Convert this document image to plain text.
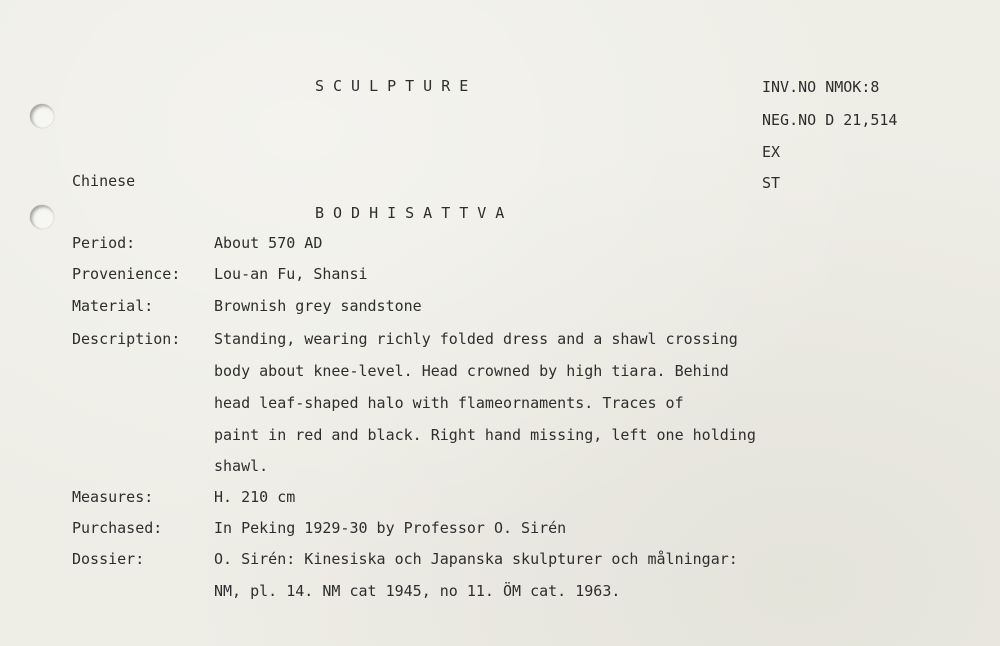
SCULPTURE	INV.NO NMOK:8
NEG.NO D 21,514
EX
ST
Chinese
BODHISATTVA
Period:	About 570 AD
Provenience: Lou-an Fu, Shansi
Material:	Brownish grey sandstone
Description: Standing, wearing richly folded dress and a shawl crossing
body about knee-level. Head crowned by high tiara. Behind
head leaf-shaped halo with flameornaments. Traces of
paint in red and black. Right hand missing, left one holding
shawl.
Measures:	H. 210 cm
Purchased:	In Peking 1929-30 by Professor O. Sirén
Dossier:	O. Sirén: Kinesiska och Japanska skulpturer och målningar:
NM, pl. 14. NM cat 1945, no 11. ÖM cat. 1963.
